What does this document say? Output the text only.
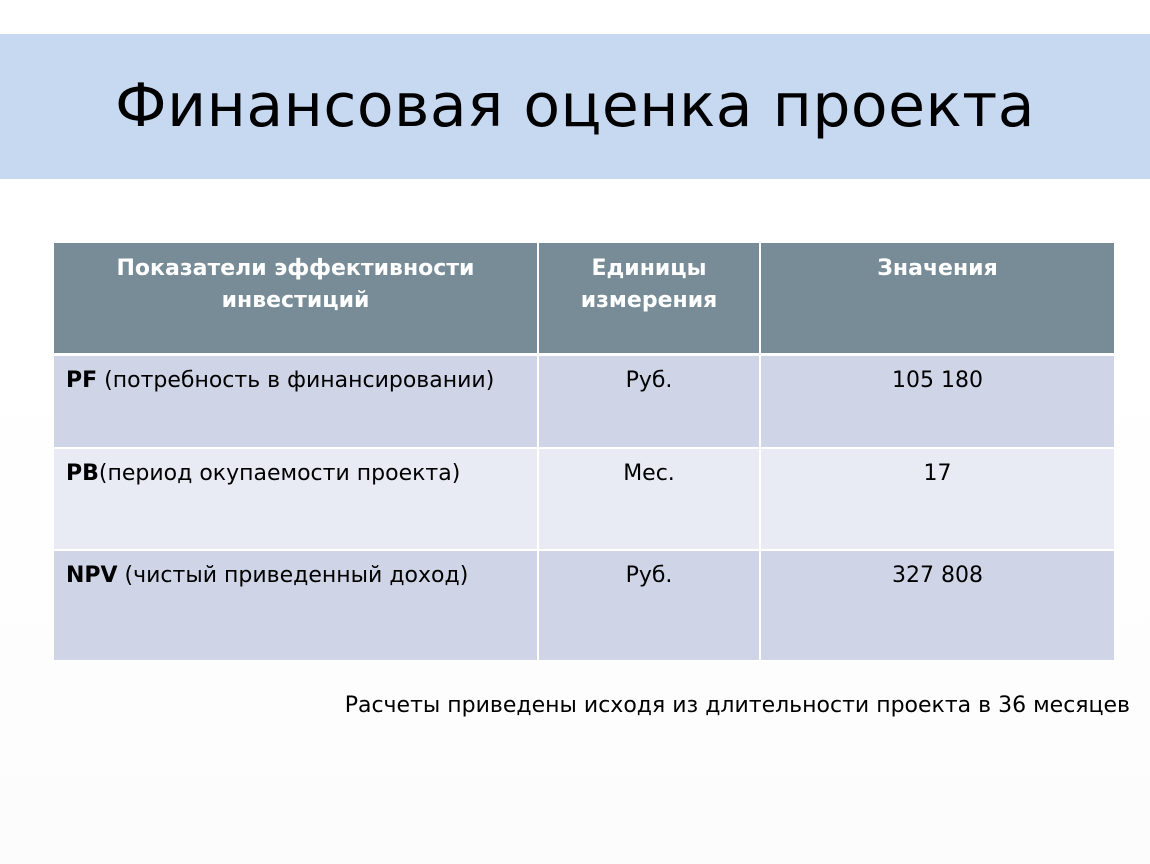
Финансовая оценка проекта
Показатели эффективности инвестиций	Единицы измерения	Значения
PF (потребность в финансировании)	Руб.	105 180
PB(период окупаемости проекта)	Мес.	17
NPV (чистый приведенный доход)	Руб.	327 808
Расчеты приведены исходя из длительности проекта в 36 месяцев
